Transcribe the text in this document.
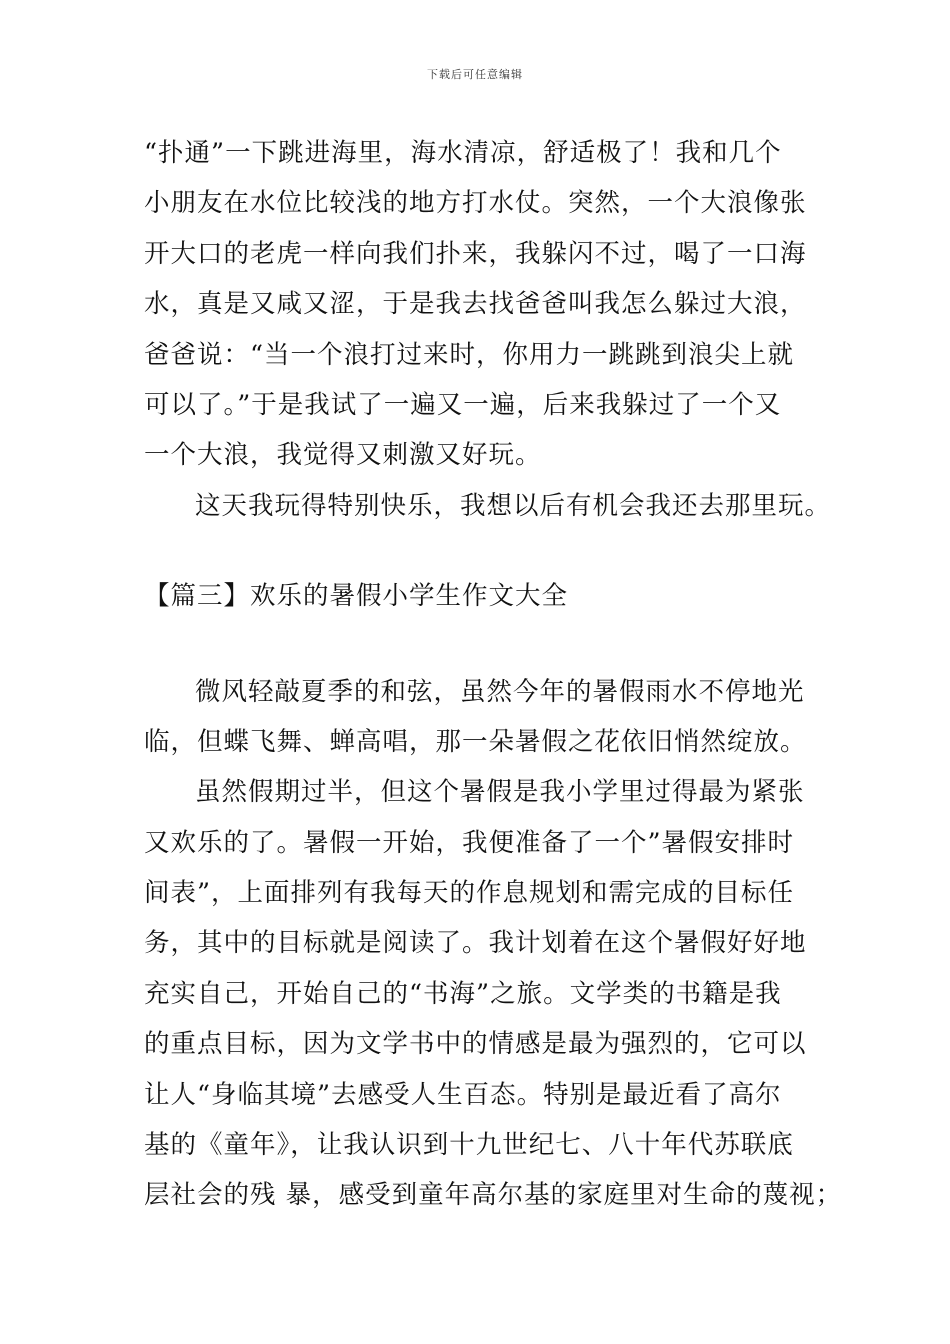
下载后可任意编辑
“扑通”一下跳进海里，海水清凉，舒适极了！我和几个
小朋友在水位比较浅的地方打水仗。突然，一个大浪像张
开大口的老虎一样向我们扑来，我躲闪不过，喝了一口海
水，真是又咸又涩，于是我去找爸爸叫我怎么躲过大浪，
爸爸说：“当一个浪打过来时，你用力一跳跳到浪尖上就
可以了。”于是我试了一遍又一遍，后来我躲过了一个又
一个大浪，我觉得又刺激又好玩。
这天我玩得特别快乐，我想以后有机会我还去那里玩。
【篇三】欢乐的暑假小学生作文大全
微风轻敲夏季的和弦，虽然今年的暑假雨水不停地光
临，但蝶飞舞、蝉高唱，那一朵暑假之花依旧悄然绽放。
虽然假期过半，但这个暑假是我小学里过得最为紧张
又欢乐的了。暑假一开始，我便准备了一个”暑假安排时
间表”，上面排列有我每天的作息规划和需完成的目标任
务，其中的目标就是阅读了。我计划着在这个暑假好好地
充实自己，开始自己的“书海”之旅。文学类的书籍是我
的重点目标，因为文学书中的情感是最为强烈的，它可以
让人“身临其境”去感受人生百态。特别是最近看了高尔
基的《童年》，让我认识到十九世纪七、八十年代苏联底
层社会的残 暴，感受到童年高尔基的家庭里对生命的蔑视；
